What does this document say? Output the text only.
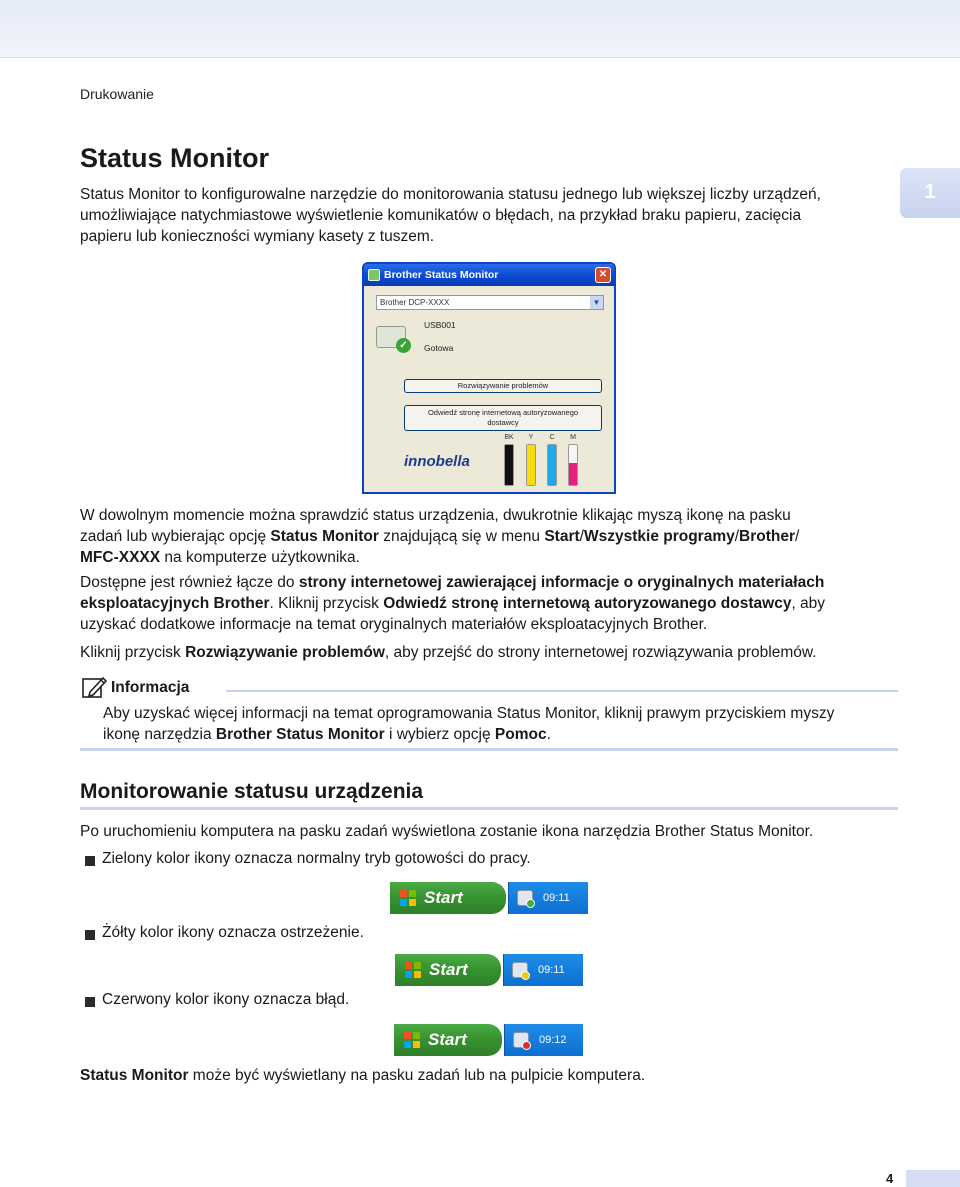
Drukowanie
Status Monitor
1
Status Monitor to konfigurowalne narzędzie do monitorowania statusu jednego lub większej liczby urządzeń,
umożliwiające natychmiastowe wyświetlenie komunikatów o błędach, na przykład braku papieru, zacięcia
papieru lub konieczności wymiany kasety z tuszem.
Brother Status Monitor	✕
Brother DCP-XXXX	▼
✓
USB001
Gotowa
Rozwiązywanie problemów
Odwiedź stronę internetową autoryzowanego
dostawcy
BK	Y	C	M
innobella
W dowolnym momencie można sprawdzić status urządzenia, dwukrotnie klikając myszą ikonę na pasku
zadań lub wybierając opcję Status Monitor znajdującą się w menu Start/Wszystkie programy/Brother/
MFC-XXXX na komputerze użytkownika.
Dostępne jest również łącze do strony internetowej zawierającej informacje o oryginalnych materiałach
eksploatacyjnych Brother. Kliknij przycisk Odwiedź stronę internetową autoryzowanego dostawcy, aby
uzyskać dodatkowe informacje na temat oryginalnych materiałów eksploatacyjnych Brother.
Kliknij przycisk Rozwiązywanie problemów, aby przejść do strony internetowej rozwiązywania problemów.
Informacja
Aby uzyskać więcej informacji na temat oprogramowania Status Monitor, kliknij prawym przyciskiem myszy
ikonę narzędzia Brother Status Monitor i wybierz opcję Pomoc.
Monitorowanie statusu urządzenia
Po uruchomieniu komputera na pasku zadań wyświetlona zostanie ikona narzędzia Brother Status Monitor.
Zielony kolor ikony oznacza normalny tryb gotowości do pracy.
Start	09:11
Żółty kolor ikony oznacza ostrzeżenie.
Start	09:11
Czerwony kolor ikony oznacza błąd.
Start	09:12
Status Monitor może być wyświetlany na pasku zadań lub na pulpicie komputera.
4
